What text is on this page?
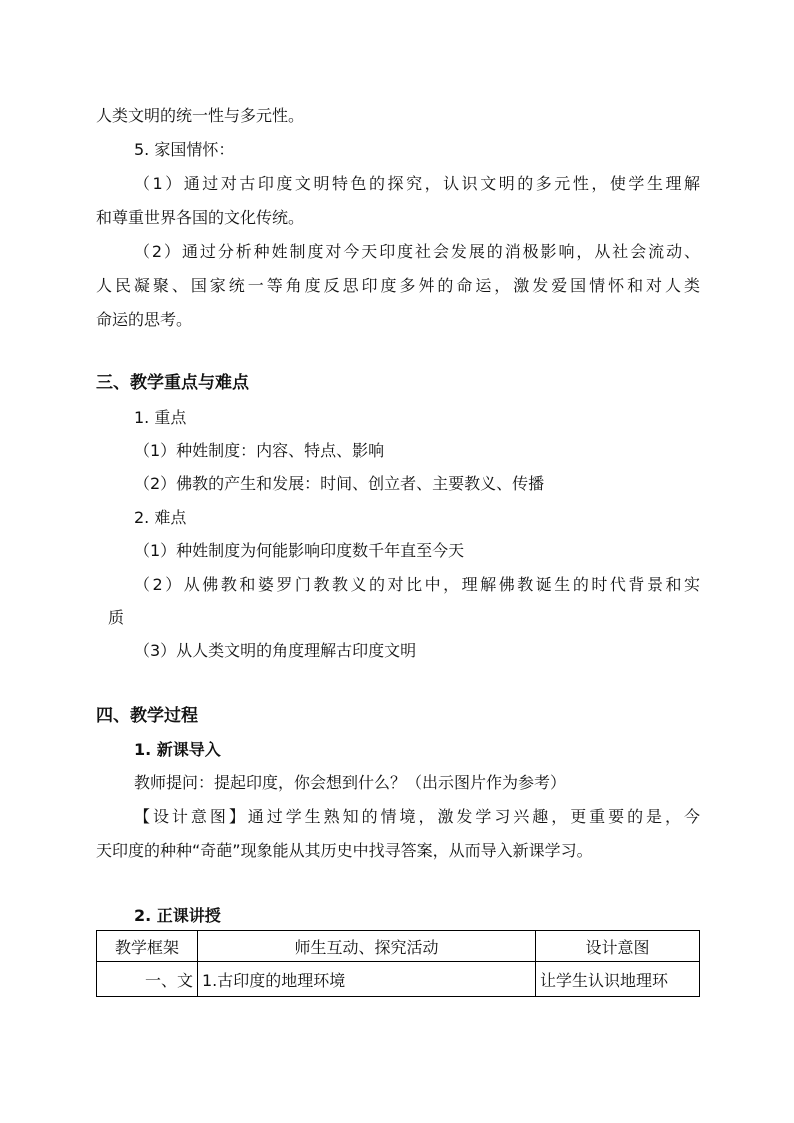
人类文明的统一性与多元性。
5. 家国情怀：
（1）通过对古印度文明特色的探究，认识文明的多元性，使学生理解
和尊重世界各国的文化传统。
（2）通过分析种姓制度对今天印度社会发展的消极影响，从社会流动、
人民凝聚、国家统一等角度反思印度多舛的命运，激发爱国情怀和对人类
命运的思考。
三、教学重点与难点
1. 重点
（1）种姓制度：内容、特点、影响
（2）佛教的产生和发展：时间、创立者、主要教义、传播
2. 难点
（1）种姓制度为何能影响印度数千年直至今天
（2）从佛教和婆罗门教教义的对比中，理解佛教诞生的时代背景和实
质
（3）从人类文明的角度理解古印度文明
四、教学过程
1. 新课导入
教师提问：提起印度，你会想到什么？（出示图片作为参考）
【设计意图】通过学生熟知的情境，激发学习兴趣，更重要的是，今
天印度的种种“奇葩”现象能从其历史中找寻答案，从而导入新课学习。
2. 正课讲授
教学框架	师生互动、探究活动	设计意图
一、文	1.古印度的地理环境	让学生认识地理环
